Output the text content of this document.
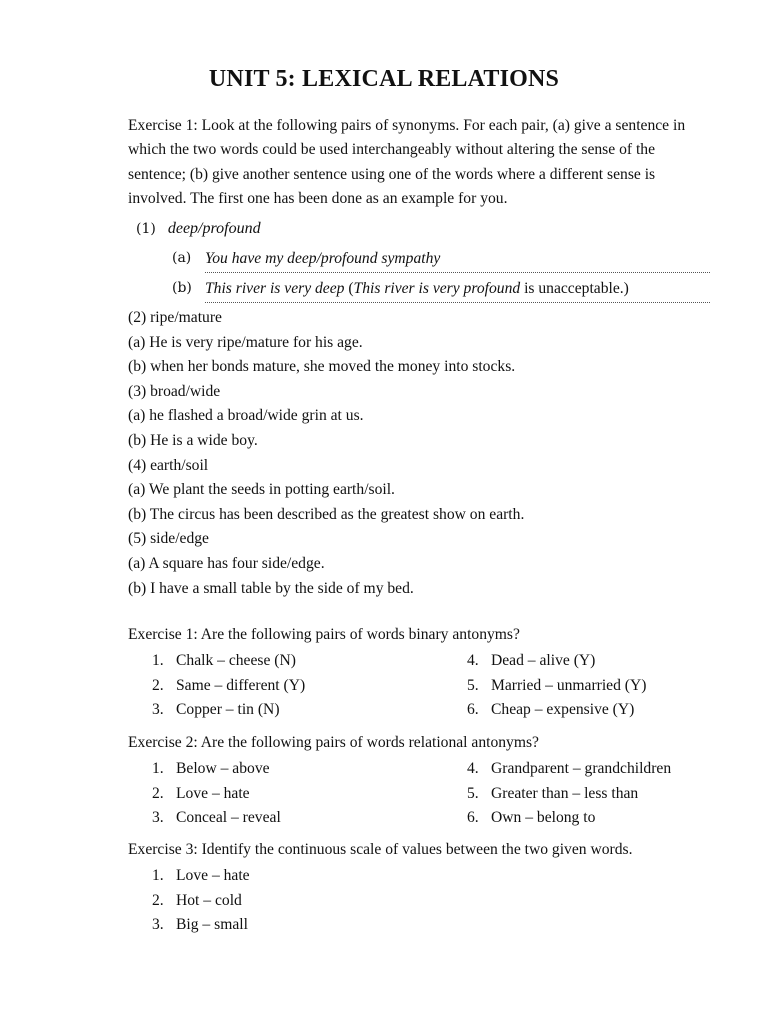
UNIT 5: LEXICAL RELATIONS
Exercise 1: Look at the following pairs of synonyms. For each pair, (a) give a sentence in which the two words could be used interchangeably without altering the sense of the sentence; (b) give another sentence using one of the words where a different sense is involved. The first one has been done as an example for you.
(1) deep/profound
(a) You have my deep/profound sympathy
(b) This river is very deep (This river is very profound is unacceptable.)
(2) ripe/mature
(a) He is very ripe/mature for his age.
(b) when her bonds mature, she moved the money into stocks.
(3) broad/wide
(a) he flashed a broad/wide grin at us.
(b) He is a wide boy.
(4) earth/soil
(a) We plant the seeds in potting earth/soil.
(b) The circus has been described as the greatest show on earth.
(5) side/edge
(a) A square has four side/edge.
(b) I have a small table by the side of my bed.
Exercise 1: Are the following pairs of words binary antonyms?
1. Chalk – cheese (N)
2. Same – different (Y)
3. Copper – tin (N)
4. Dead – alive (Y)
5. Married – unmarried (Y)
6. Cheap – expensive (Y)
Exercise 2: Are the following pairs of words relational antonyms?
1. Below – above
2. Love – hate
3. Conceal – reveal
4. Grandparent – grandchildren
5. Greater than – less than
6. Own – belong to
Exercise 3: Identify the continuous scale of values between the two given words.
1. Love – hate
2. Hot – cold
3. Big – small
